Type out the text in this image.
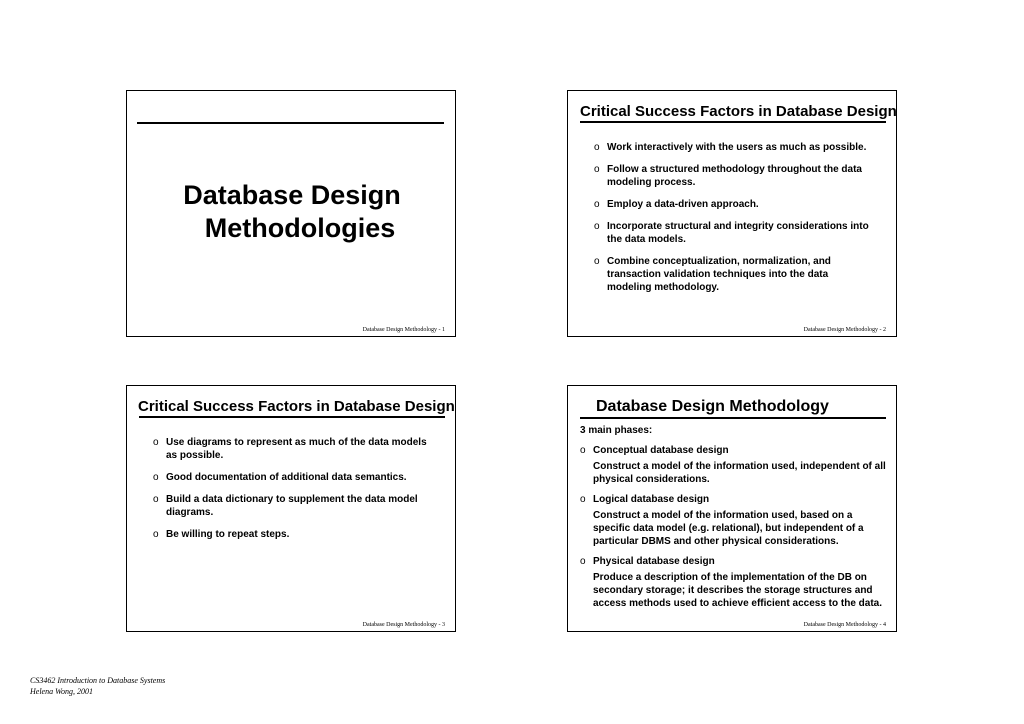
Database Design
Methodologies
Database Design Methodology - 1
Critical Success Factors in Database Design
o Work interactively with the users as much as possible.
o Follow a structured methodology throughout the data modeling process.
o Employ a data-driven approach.
o Incorporate structural and integrity considerations into the data models.
o Combine conceptualization, normalization, and transaction validation techniques into the data modeling methodology.
Database Design Methodology - 2
Critical Success Factors in Database Design
o Use diagrams to represent as much of the data models as possible.
o Good documentation of additional data semantics.
o Build a data dictionary to supplement the data model diagrams.
o Be willing to repeat steps.
Database Design Methodology - 3
Database Design Methodology
3 main phases:
o Conceptual database design
Construct a model of the information used, independent of all physical considerations.
o Logical database design
Construct a model of the information used, based on a specific data model (e.g. relational), but independent of a particular DBMS and other physical considerations.
o Physical database design
Produce a description of the implementation of the DB on secondary storage; it describes the storage structures and access methods used to achieve efficient access to the data.
Database Design Methodology - 4
CS3462 Introduction to Database Systems
Helena Wong, 2001
